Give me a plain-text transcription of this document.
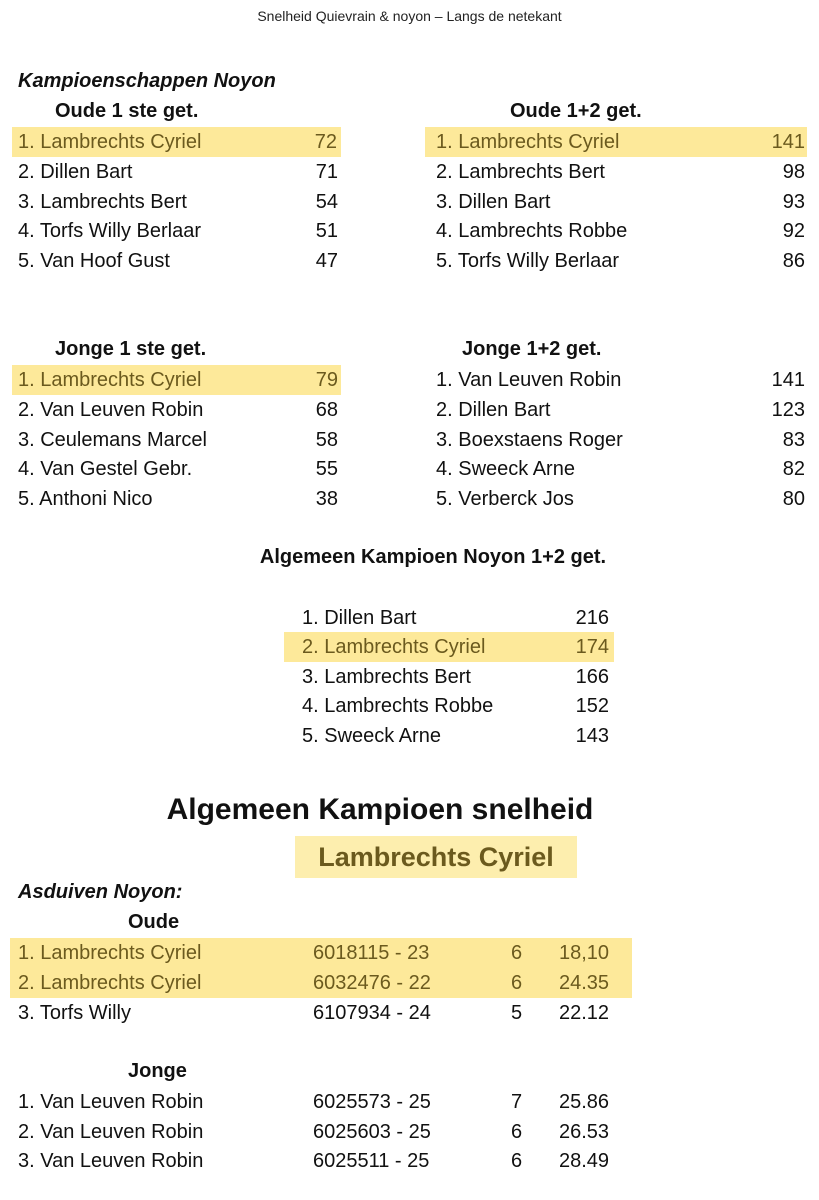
Snelheid Quievrain & noyon – Langs de netekant
Kampioenschappen Noyon
Oude 1 ste get.
1. Lambrechts Cyriel	72
2. Dillen Bart	71
3. Lambrechts Bert	54
4. Torfs Willy Berlaar	51
5. Van Hoof Gust	47
Oude 1+2 get.
1. Lambrechts Cyriel	141
2. Lambrechts Bert	98
3. Dillen Bart	93
4. Lambrechts Robbe	92
5. Torfs Willy Berlaar	86
Jonge 1 ste get.
1. Lambrechts Cyriel	79
2. Van Leuven Robin	68
3. Ceulemans Marcel	58
4. Van Gestel Gebr.	55
5. Anthoni Nico	38
Jonge 1+2 get.
1. Van Leuven Robin	141
2. Dillen Bart	123
3. Boexstaens Roger	83
4. Sweeck Arne	82
5. Verberck Jos	80
Algemeen Kampioen Noyon 1+2 get.
1. Dillen Bart	216
2. Lambrechts Cyriel	174
3. Lambrechts Bert	166
4. Lambrechts Robbe	152
5. Sweeck Arne	143
Algemeen Kampioen snelheid
Lambrechts Cyriel
Asduiven Noyon:
Oude
1. Lambrechts Cyriel	6018115 - 23	6 18,10
2. Lambrechts Cyriel	6032476 - 22	6 24.35
3. Torfs Willy	6107934 - 24	5 22.12
Jonge
1. Van Leuven Robin	6025573 - 25	7 25.86
2. Van Leuven Robin	6025603 - 25	6 26.53
3. Van Leuven Robin	6025511 - 25	6 28.49
